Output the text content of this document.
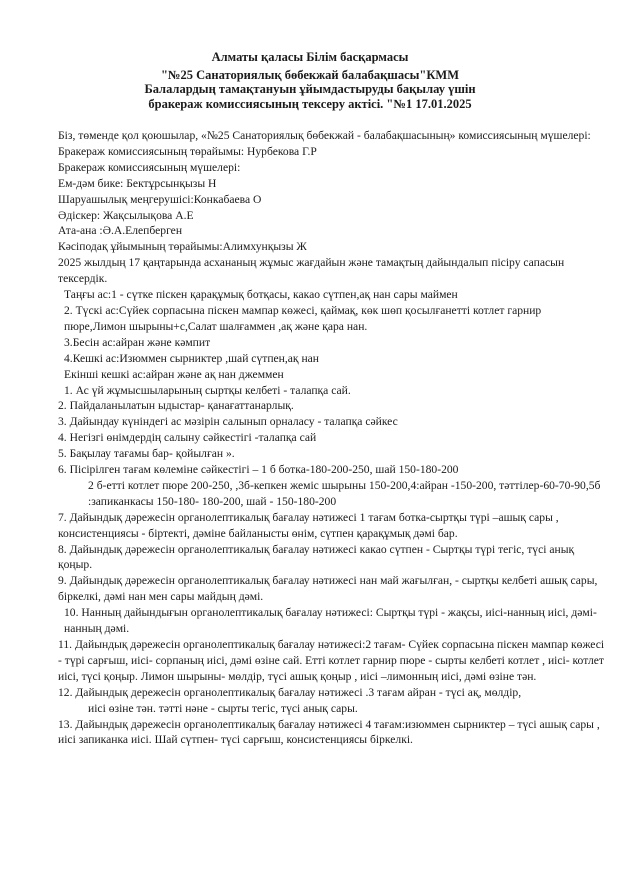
Алматы қаласы Білім басқармасы
"№25 Санаториялық бөбекжай балабақшасы"КММ
Балалардың тамақтануын ұйымдастыруды бақылау үшін
бракераж комиссиясының тексеру актісі. "№1 17.01.2025

Біз, төменде қол қоюшылар, «№25 Санаториялық бөбекжай - балабақшасының» комиссиясының мүшелері:

Бракераж комиссиясының төрайымы: Нурбекова Г.Р

Бракераж комиссиясының мүшелері:

Ем-дәм бике: Бектұрсынқызы Н

Шаруашылық меңгерушісі:Конкабаева О

Әдіскер: Жақсылықова А.Е

Ата-ана :Ә.А.Елепберген

Кәсіподақ ұйымының төрайымы:Алимхунқызы Ж

2025 жылдың 17 қаңтарында асхананың жұмыс жағдайын және тамақтың дайындалып пісіру сапасын тексердік.

Таңғы ас:1 - сүтке піскен қарақұмық ботқасы, какао сүтпен,ақ нан сары маймен

2. Түскі ас:Сүйек сорпасына піскен мампар көжесі, қаймақ, көк шөп қосылғанетті котлет гарнир пюре,Лимон шырыны+с,Салат шалғаммен ,ақ және қара нан.

3.Бесін ас:айран және кәмпит

4.Кешкі ас:Изюммен сырниктер ,шай сүтпен,ақ нан

Екінші кешкі ас:айран және ақ нан джеммен

1. Ас үй жұмысшыларының сыртқы келбеті - талапқа сай.

2. Пайдаланылатын ыдыстар- қанағаттанарлық.

3. Дайындау күніндегі ас мәзірін салынып орналасу - талапқа сәйкес

4. Негізгі өнімдердің салыну сәйкестігі -талапқа сай

5. Бақылау тағамы бар- қойылған ».

6. Пісірілген тағам көлеміне сәйкестігі – 1 б ботка-180-200-250, шай 150-180-200

2 б-етті котлет пюре 200-250, ,3б-кепкен жеміс шырыны 150-200,4:айран -150-200, тәттілер-60-70-90,5б :запиканкасы 150-180- 180-200, шай - 150-180-200

7. Дайындық дәрежесін органолептикалық бағалау нәтижесі 1 тағам ботка-сыртқы түрі –ашық сары , консистенциясы - біртекті, дәміне байланысты өнім, сүтпен қарақұмық дәмі бар.

8. Дайындық дәрежесін органолептикалық бағалау нәтижесі какао сүтпен - Сыртқы түрі тегіс, түсі анық қоңыр.

9. Дайындық дәрежесін органолептикалық бағалау нәтижесі нан май жағылған, - сыртқы келбеті ашық сары, біркелкі, дәмі нан мен сары майдың дәмі.

10. Нанның дайындығын органолептикалық бағалау нәтижесі: Сыртқы түрі - жақсы, иісі-нанның иісі, дәмі-нанның дәмі.

11. Дайындық дәрежесін органолептикалық бағалау нәтижесі:2 тағам- Сүйек сорпасына піскен мампар көжесі - түрі сарғыш, иісі- сорпаның иісі, дәмі өзіне сай. Етті котлет гарнир пюре - сырты келбеті котлет , иісі- котлет иісі, түсі қоңыр. Лимон шырыны- мөлдір, түсі ашық қоңыр , иісі –лимонның иісі, дәмі өзіне тән.

12. Дайындық дережесін органолептикалық бағалау нәтижесі .3 тағам айран - түсі ақ, мөлдір,

иісі өзіне тән. тәтті нәне - сырты тегіс, түсі анық сары.

13. Дайындық дәрежесін органолептикалық бағалау нәтижесі 4 тағам:изюммен сырниктер – түсі ашық сары , иісі запиканка иісі. Шай сүтпен- түсі сарғыш, консистенциясы біркелкі.
